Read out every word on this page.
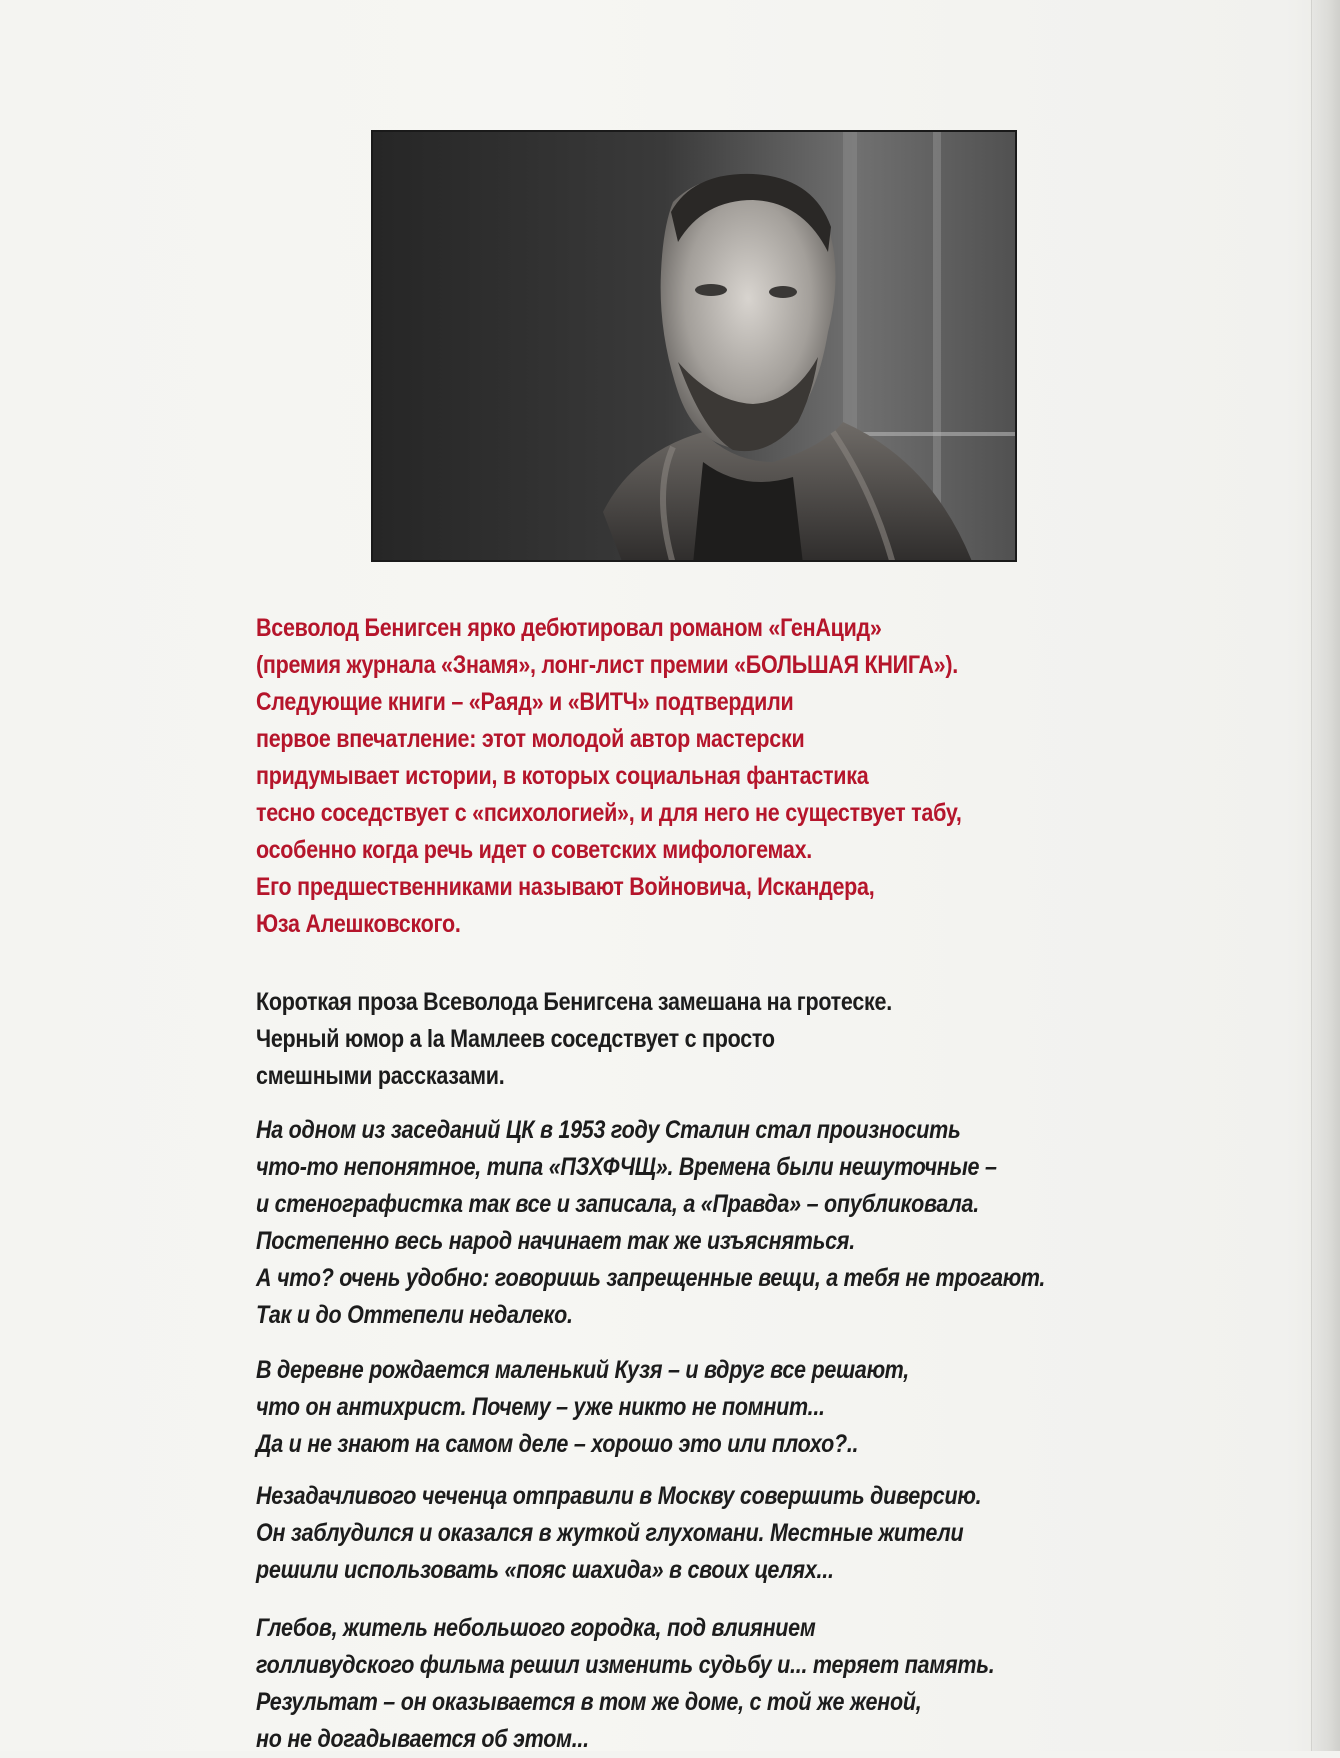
Всеволод Бенигсен ярко дебютировал романом «ГенАцид»
(премия журнала «Знамя», лонг-лист премии «БОЛЬШАЯ КНИГА»).
Следующие книги – «Раяд» и «ВИТЧ» подтвердили
первое впечатление: этот молодой автор мастерски
придумывает истории, в которых социальная фантастика
тесно соседствует с «психологией», и для него не существует табу,
особенно когда речь идет о советских мифологемах.
Его предшественниками называют Войновича, Искандера,
Юза Алешковского.
Короткая проза Всеволода Бенигсена замешана на гротеске.
Черный юмор а la Мамлеев соседствует с просто
смешными рассказами.
На одном из заседаний ЦК в 1953 году Сталин стал произносить
что-то непонятное, типа «ПЗХФЧЩ». Времена были нешуточные –
и стенографистка так все и записала, а «Правда» – опубликовала.
Постепенно весь народ начинает так же изъясняться.
А что? очень удобно: говоришь запрещенные вещи, а тебя не трогают.
Так и до Оттепели недалеко.
В деревне рождается маленький Кузя – и вдруг все решают,
что он антихрист. Почему – уже никто не помнит...
Да и не знают на самом деле – хорошо это или плохо?..
Незадачливого чеченца отправили в Москву совершить диверсию.
Он заблудился и оказался в жуткой глухомани. Местные жители
решили использовать «пояс шахида» в своих целях...
Глебов, житель небольшого городка, под влиянием
голливудского фильма решил изменить судьбу и... теряет память.
Результат – он оказывается в том же доме, с той же женой,
но не догадывается об этом...
